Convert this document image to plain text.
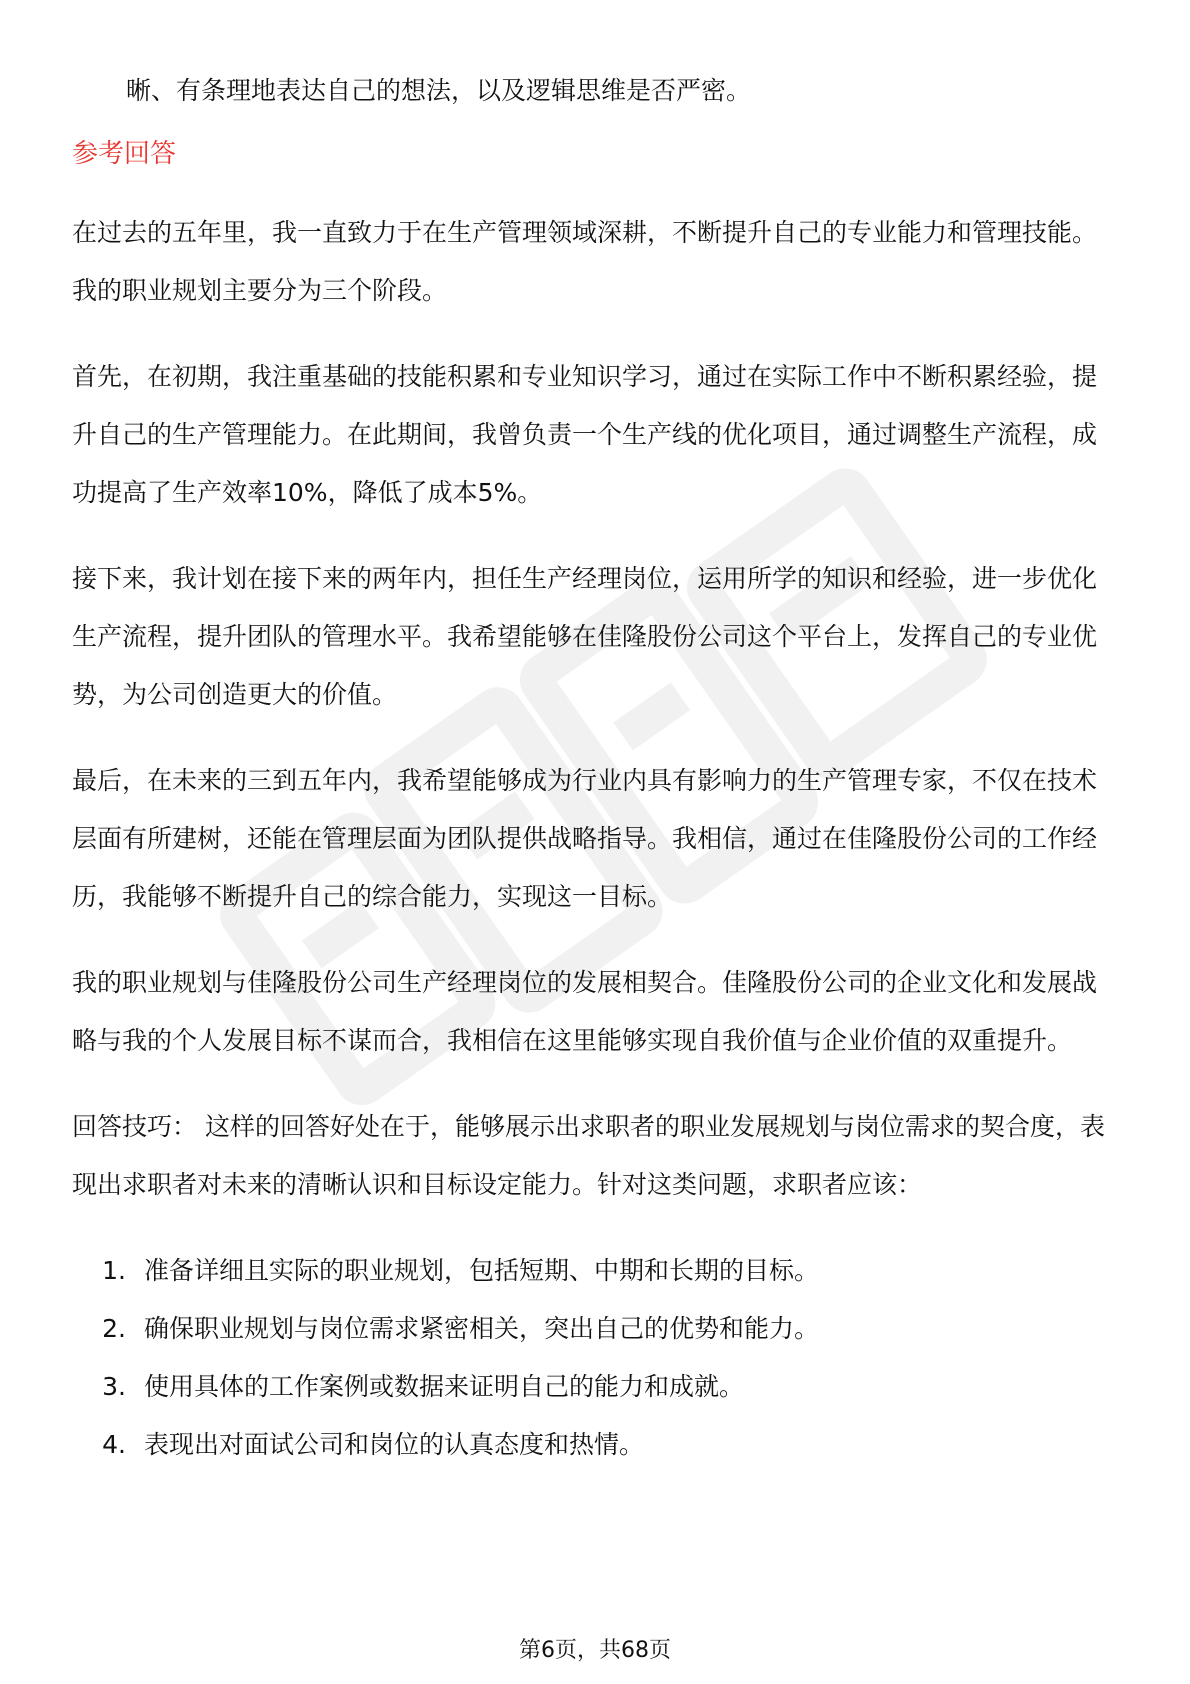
晰、有条理地表达自己的想法，以及逻辑思维是否严密。

参考回答

在过去的五年里，我一直致力于在生产管理领域深耕，不断提升自己的专业能力和管理技能。我的职业规划主要分为三个阶段。

首先，在初期，我注重基础的技能积累和专业知识学习，通过在实际工作中不断积累经验，提升自己的生产管理能力。在此期间，我曾负责一个生产线的优化项目，通过调整生产流程，成功提高了生产效率10%，降低了成本5%。

接下来，我计划在接下来的两年内，担任生产经理岗位，运用所学的知识和经验，进一步优化生产流程，提升团队的管理水平。我希望能够在佳隆股份公司这个平台上，发挥自己的专业优势，为公司创造更大的价值。

最后，在未来的三到五年内，我希望能够成为行业内具有影响力的生产管理专家，不仅在技术层面有所建树，还能在管理层面为团队提供战略指导。我相信，通过在佳隆股份公司的工作经历，我能够不断提升自己的综合能力，实现这一目标。

我的职业规划与佳隆股份公司生产经理岗位的发展相契合。佳隆股份公司的企业文化和发展战略与我的个人发展目标不谋而合，我相信在这里能够实现自我价值与企业价值的双重提升。

回答技巧： 这样的回答好处在于，能够展示出求职者的职业发展规划与岗位需求的契合度，表现出求职者对未来的清晰认识和目标设定能力。针对这类问题，求职者应该：

1. 准备详细且实际的职业规划，包括短期、中期和长期的目标。
2. 确保职业规划与岗位需求紧密相关，突出自己的优势和能力。
3. 使用具体的工作案例或数据来证明自己的能力和成就。
4. 表现出对面试公司和岗位的认真态度和热情。
第6页，共68页
